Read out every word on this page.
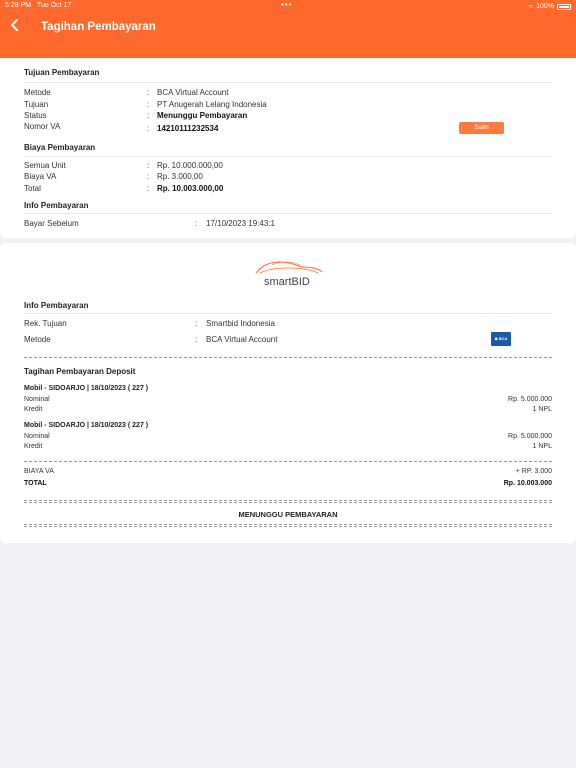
5:28 PM Tue Oct 17	•••	≈ 100%
Tagihan Pembayaran
Tujuan Pembayaran
Metode	: BCA Virtual Account
Tujuan	: PT Anugerah Lelang Indonesia
Status	: Menunggu Pembayaran
Nomor VA	: 14210111232534	Salin
Biaya Pembayaran
Semua Unit	: Rp. 10.000.000,00
Biaya VA	: Rp. 3.000,00
Total	: Rp. 10.003.000,00
Info Pembayaran
Bayar Sebelum	: 17/10/2023 19:43:1
smartBID
Info Pembayaran
Rek. Tujuan	: Smartbid Indonesia
Metode	: BCA Virtual Account	◆ BCA
Tagihan Pembayaran Deposit
Mobil - SIDOARJO | 18/10/2023 ( 227 )
Nominal	Rp. 5.000.000
Kredit	1 NPL
Mobil - SIDOARJO | 18/10/2023 ( 227 )
Nominal	Rp. 5.000.000
Kredit	1 NPL
BIAYA VA	+ RP. 3.000
TOTAL	Rp. 10.003.000
MENUNGGU PEMBAYARAN
